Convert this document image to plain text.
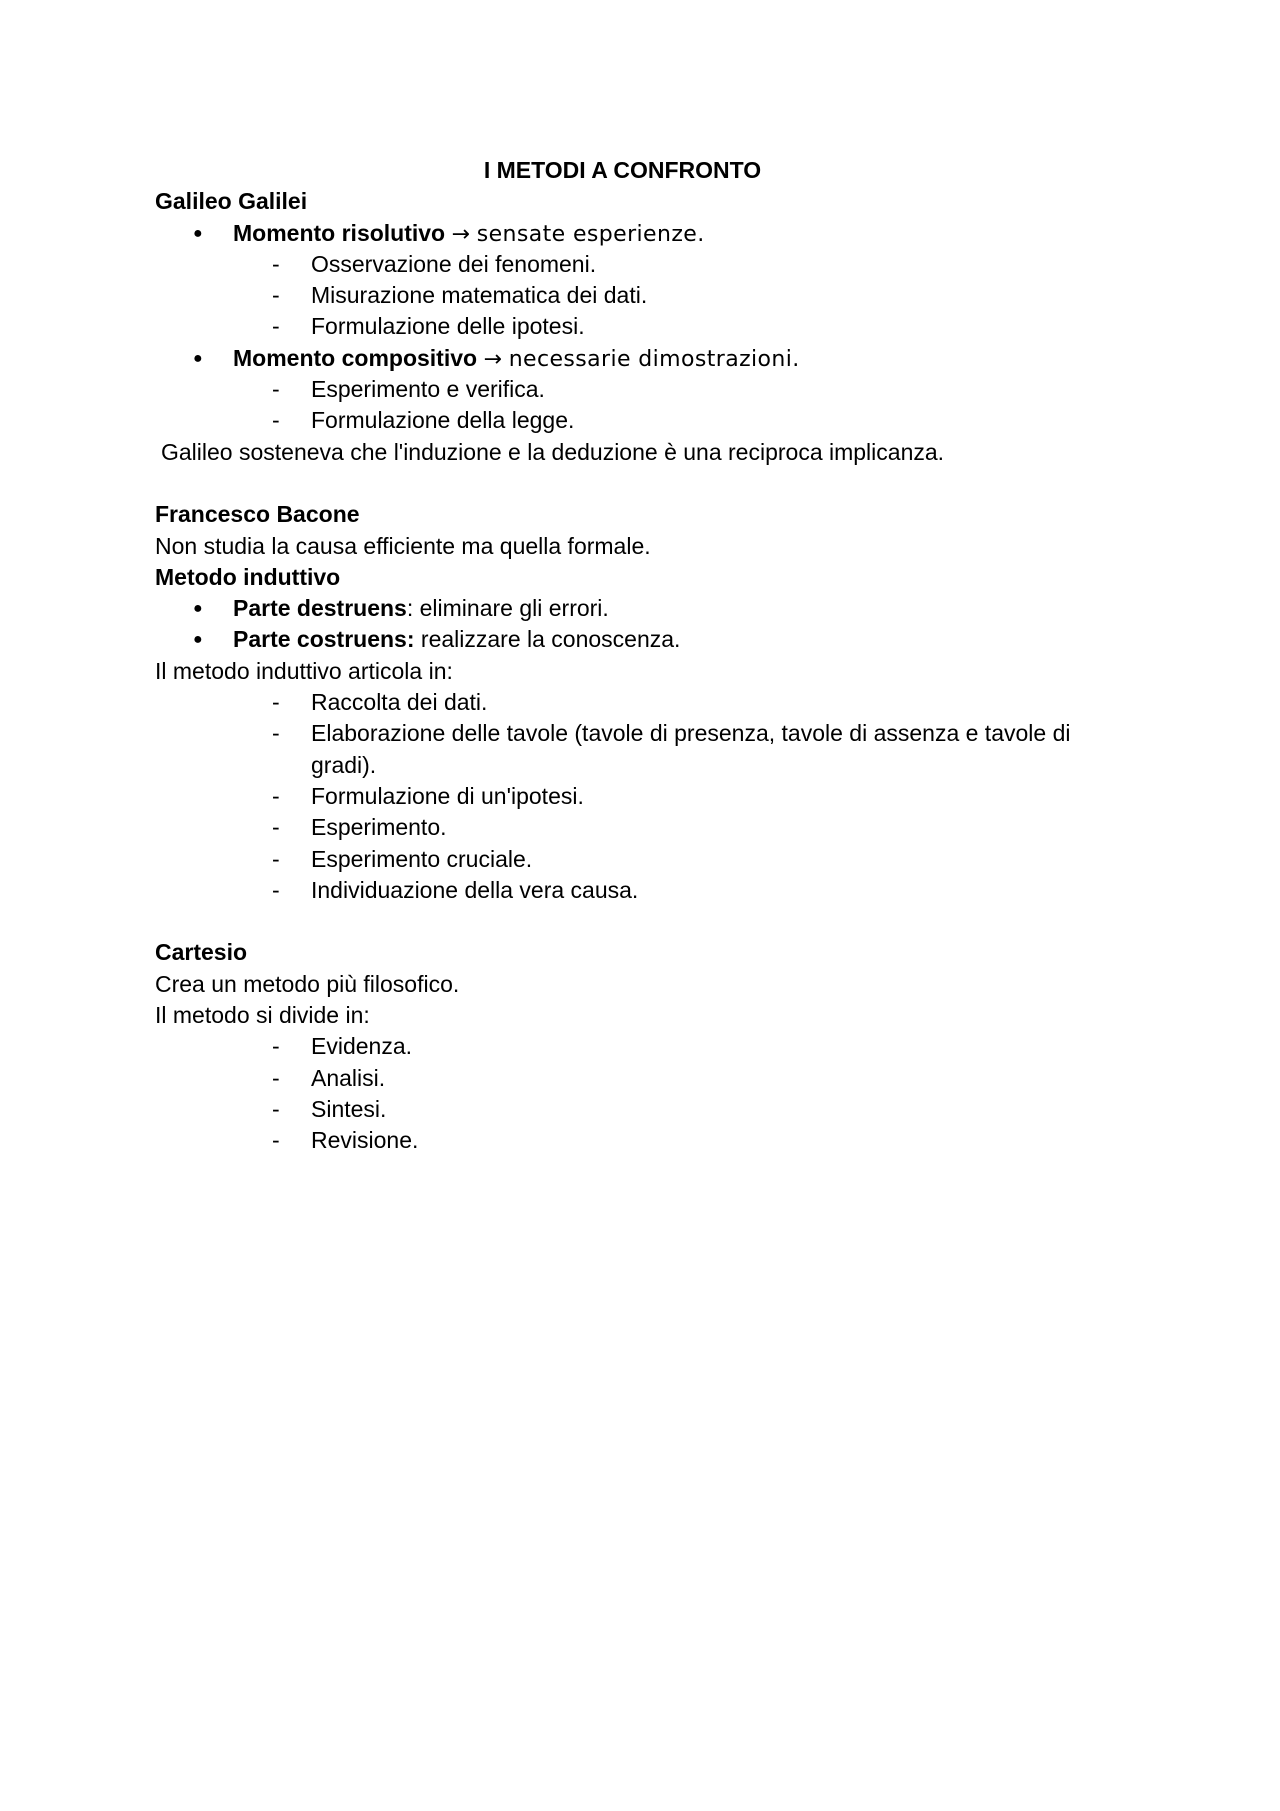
I METODI A CONFRONTO
Galileo Galilei
● Momento risolutivo → sensate esperienze.
- Osservazione dei fenomeni.
- Misurazione matematica dei dati.
- Formulazione delle ipotesi.
● Momento compositivo → necessarie dimostrazioni.
- Esperimento e verifica.
- Formulazione della legge.
Galileo sosteneva che l'induzione e la deduzione è una reciproca implicanza.
Francesco Bacone
Non studia la causa efficiente ma quella formale.
Metodo induttivo
● Parte destruens: eliminare gli errori.
● Parte costruens: realizzare la conoscenza.
Il metodo induttivo articola in:
- Raccolta dei dati.
- Elaborazione delle tavole (tavole di presenza, tavole di assenza e tavole di gradi).
- Formulazione di un'ipotesi.
- Esperimento.
- Esperimento cruciale.
- Individuazione della vera causa.
Cartesio
Crea un metodo più filosofico.
Il metodo si divide in:
- Evidenza.
- Analisi.
- Sintesi.
- Revisione.
